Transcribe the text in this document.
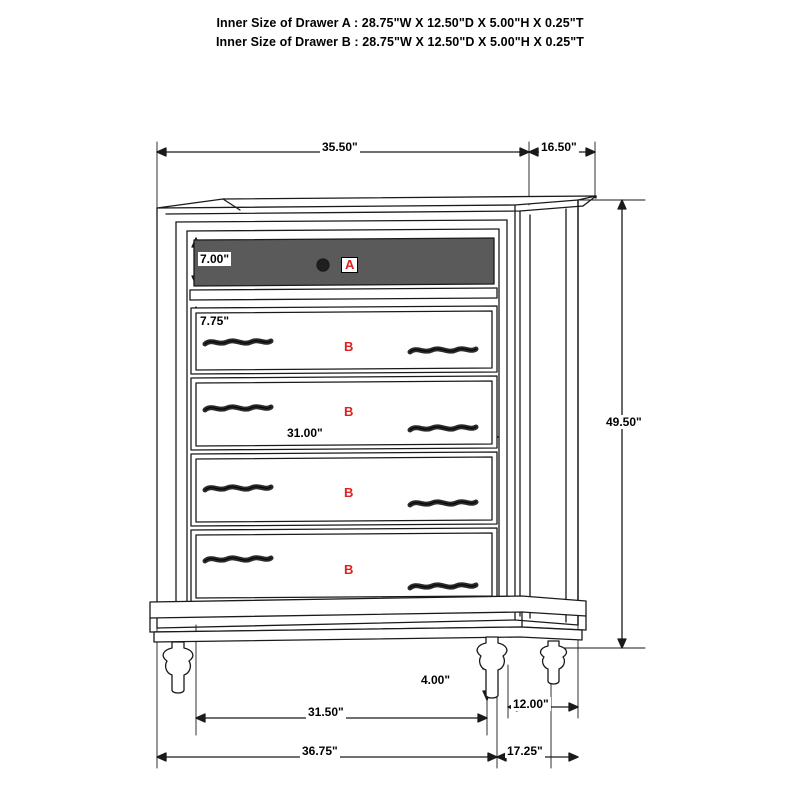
Inner Size of Drawer A : 28.75"W X 12.50"D X 5.00"H X 0.25"T
Inner Size of Drawer B : 28.75"W X 12.50"D X 5.00"H X 0.25"T
35.50"	16.50"
49.50"
7.00"
7.75"
31.00"
4.00"
31.50"
12.00"
36.75"	17.25"
A
B
B
B
B
